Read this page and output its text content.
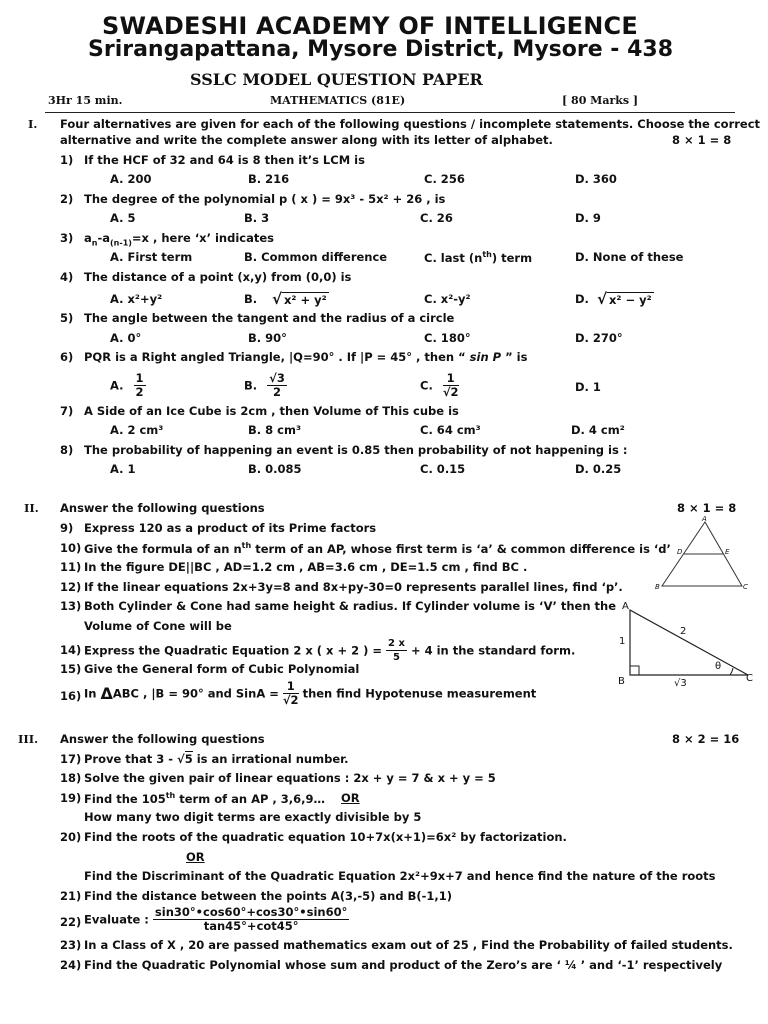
SWADESHI ACADEMY OF INTELLIGENCE
Srirangapattana, Mysore District, Mysore - 438
SSLC MODEL QUESTION PAPER
3Hr 15 min.	MATHEMATICS (81E)	[ 80 Marks ]
I. Four alternatives are given for each of the following questions / incomplete statements. Choose the correct
alternative and write the complete answer along with its letter of alphabet.	8 × 1 = 8
1) If the HCF of 32 and 64 is 8 then it’s LCM is
A. 200	B. 216	C. 256	D. 360
2) The degree of the polynomial p ( x ) = 9x³ - 5x² + 26 , is
A. 5	B. 3	C. 26	D. 9
3) $a_n-a_{(n-1)}=x$ , here ‘x’ indicates
A. First term	B. Common difference	C. last $(n^{th})$ term	D. None of these
4) The distance of a point (x,y) from (0,0) is
A. x²+y²	B. √ x² + y²	C. x²-y²	D. √ x² − y²
5) The angle between the tangent and the radius of a circle
A. 0°	B. 90°	C. 180°	D. 270°
6) PQR is a Right angled Triangle, |Q=90° . If |P = 45° , then “ sin P ” is
A. $\frac{1}{2}$	B. $\frac{√3}{2}$	C. $\frac{1}{√2}$	D. 1
7) A Side of an Ice Cube is 2cm , then Volume of This cube is
A. 2 cm³	B. 8 cm³	C. 64 cm³	D. 4 cm²
8) The probability of happening an event is 0.85 then probability of not happening is :
A. 1	B. 0.085	C. 0.15	D. 0.25
II. Answer the following questions	8 × 1 = 8
9) Express 120 as a product of its Prime factors
10) Give the formula of an $n^{th}$ term of an AP, whose first term is ‘a’ & common difference is ‘d’
11) In the figure DE||BC , AD=1.2 cm , AB=3.6 cm , DE=1.5 cm , find BC .
12) If the linear equations 2x+3y=8 and 8x+py-30=0 represents parallel lines, find ‘p’.
13) Both Cylinder & Cone had same height & radius. If Cylinder volume is ‘V’ then the
Volume of Cone will be
14) Express the Quadratic Equation 2 x ( x + 2 ) = $\frac{2 x}{5} + 4$ in the standard form.
15) Give the General form of Cubic Polynomial
16) In ΔABC , |B = 90° and SinA = $\frac{1}{√2}$ then find Hypotenuse measurement
A
D	E
B	C
A
B	C
1
2
√3
θ
III. Answer the following questions	8 × 2 = 16
17) Prove that 3 - √5 is an irrational number.
18) Solve the given pair of linear equations : 2x + y = 7 & x + y = 5
19) Find the 105th term of an AP , 3,6,9… OR
How many two digit terms are exactly divisible by 5
20) Find the roots of the quadratic equation 10+7x(x+1)=6x² by factorization.
OR
Find the Discriminant of the Quadratic Equation 2x²+9x+7 and hence find the nature of the roots
21) Find the distance between the points A(3,-5) and B(-1,1)
22) Evaluate : $\frac{\sin 30^\circ•\cos 60^\circ+\cos 30^\circ•\sin 60^\circ}{\tan 45^\circ+\cot 45^\circ}$
23) In a Class of X , 20 are passed mathematics exam out of 25 , Find the Probability of failed students.
24) Find the Quadratic Polynomial whose sum and product of the Zero’s are ‘ ¼ ’ and ‘-1’ respectively
